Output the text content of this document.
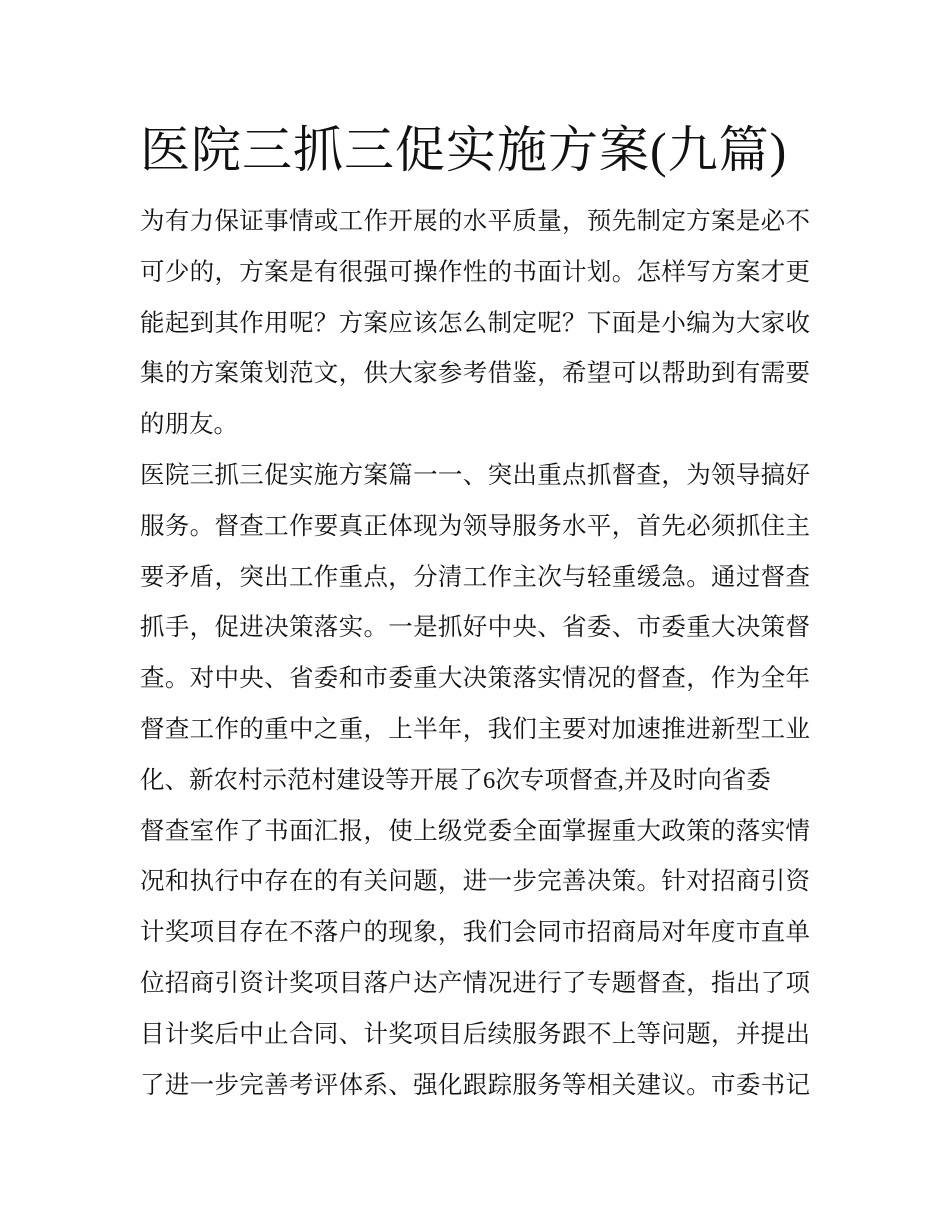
医院三抓三促实施方案(九篇)
为有力保证事情或工作开展的水平质量，预先制定方案是必不
可少的，方案是有很强可操作性的书面计划。怎样写方案才更
能起到其作用呢？方案应该怎么制定呢？下面是小编为大家收
集的方案策划范文，供大家参考借鉴，希望可以帮助到有需要
的朋友。
医院三抓三促实施方案篇一一、突出重点抓督查，为领导搞好
服务。督查工作要真正体现为领导服务水平，首先必须抓住主
要矛盾，突出工作重点，分清工作主次与轻重缓急。通过督查
抓手，促进决策落实。一是抓好中央、省委、市委重大决策督
查。对中央、省委和市委重大决策落实情况的督查，作为全年
督查工作的重中之重，上半年，我们主要对加速推进新型工业
化、新农村示范村建设等开展了6次专项督查,并及时向省委
督查室作了书面汇报，使上级党委全面掌握重大政策的落实情
况和执行中存在的有关问题，进一步完善决策。针对招商引资
计奖项目存在不落户的现象，我们会同市招商局对年度市直单
位招商引资计奖项目落户达产情况进行了专题督查，指出了项
目计奖后中止合同、计奖项目后续服务跟不上等问题，并提出
了进一步完善考评体系、强化跟踪服务等相关建议。市委书记
